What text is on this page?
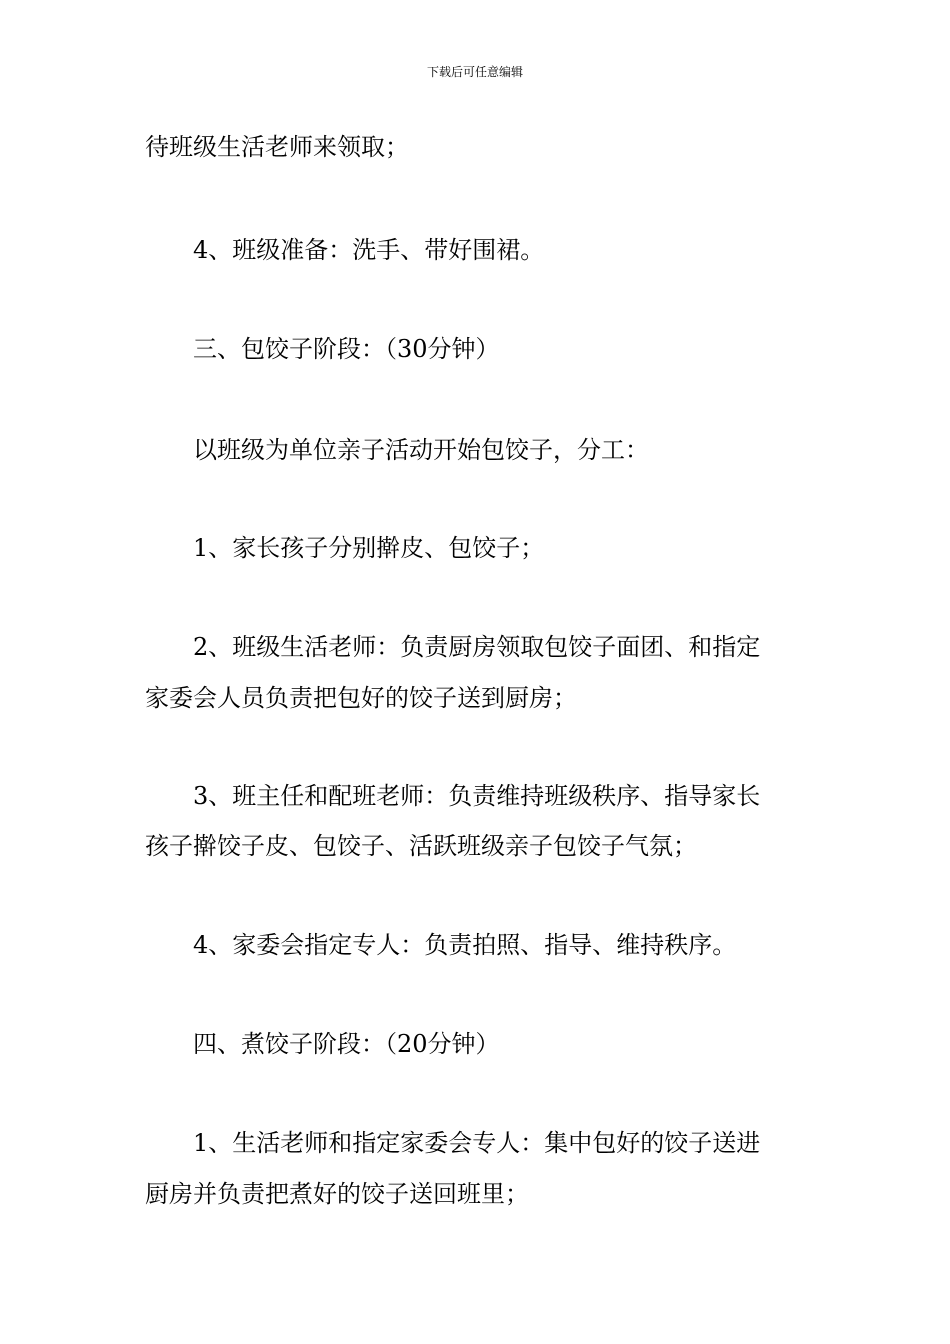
下载后可任意编辑
待班级生活老师来领取；
4、班级准备：洗手、带好围裙。
三、包饺子阶段：（30分钟）
以班级为单位亲子活动开始包饺子，分工：
1、家长孩子分别擀皮、包饺子；
2、班级生活老师：负责厨房领取包饺子面团、和指定
家委会人员负责把包好的饺子送到厨房；
3、班主任和配班老师：负责维持班级秩序、指导家长
孩子擀饺子皮、包饺子、活跃班级亲子包饺子气氛；
4、家委会指定专人：负责拍照、指导、维持秩序。
四、煮饺子阶段：（20分钟）
1、生活老师和指定家委会专人：集中包好的饺子送进
厨房并负责把煮好的饺子送回班里；
